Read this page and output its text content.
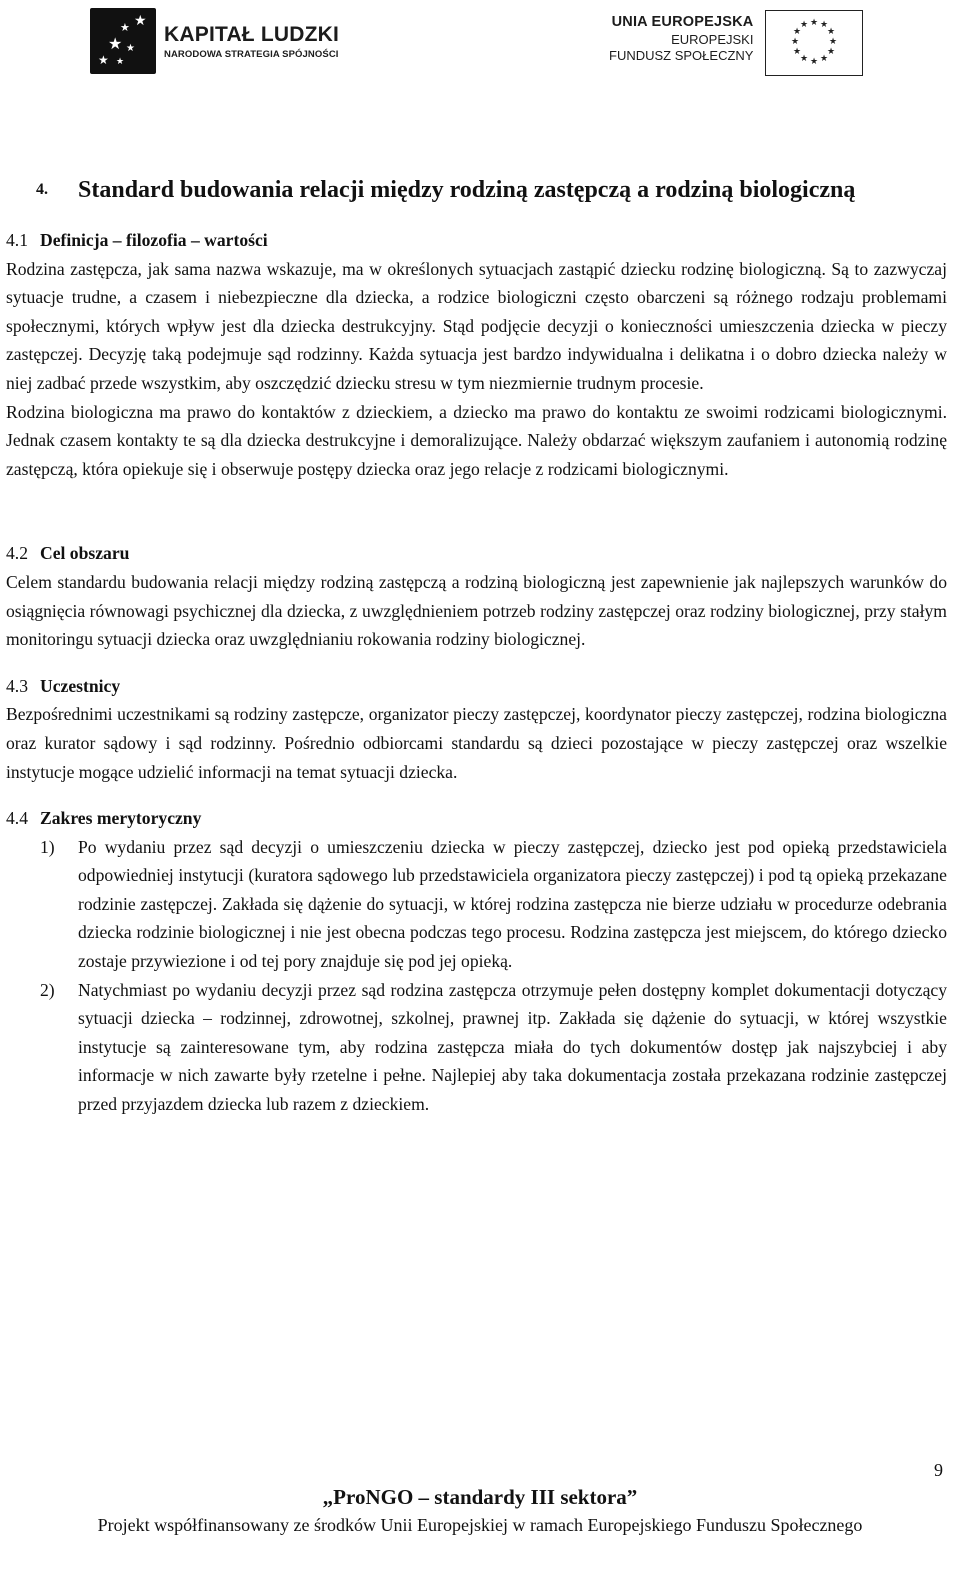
★
★
★ ★
★ ★
KAPITAŁ LUDZKI
NARODOWA STRATEGIA SPÓJNOŚCI
UNIA EUROPEJSKA
EUROPEJSKI
FUNDUSZ SPOŁECZNY
★ ★
★
★
★
★
★
★
★
★
★
★
4. Standard budowania relacji między rodziną zastępczą a rodziną biologiczną
4.1 Definicja – filozofia – wartości

Rodzina zastępcza, jak sama nazwa wskazuje, ma w określonych sytuacjach zastąpić dziecku rodzinę biologiczną. Są to zazwyczaj sytuacje trudne, a czasem i niebezpieczne dla dziecka, a rodzice biologiczni często obarczeni są różnego rodzaju problemami społecznymi, których wpływ jest dla dziecka destrukcyjny. Stąd podjęcie decyzji o konieczności umieszczenia dziecka w pieczy zastępczej. Decyzję taką podejmuje sąd rodzinny. Każda sytuacja jest bardzo indywidualna i delikatna i o dobro dziecka należy w niej zadbać przede wszystkim, aby oszczędzić dziecku stresu w tym niezmiernie trudnym procesie.

Rodzina biologiczna ma prawo do kontaktów z dzieckiem, a dziecko ma prawo do kontaktu ze swoimi rodzicami biologicznymi. Jednak czasem kontakty te są dla dziecka destrukcyjne i demoralizujące. Należy obdarzać większym zaufaniem i autonomią rodzinę zastępczą, która opiekuje się i obserwuje postępy dziecka oraz jego relacje z rodzicami biologicznymi.

4.2 Cel obszaru

Celem standardu budowania relacji między rodziną zastępczą a rodziną biologiczną jest zapewnienie jak najlepszych warunków do osiągnięcia równowagi psychicznej dla dziecka, z uwzględnieniem potrzeb rodziny zastępczej oraz rodziny biologicznej, przy stałym monitoringu sytuacji dziecka oraz uwzględnianiu rokowania rodziny biologicznej.

4.3 Uczestnicy

Bezpośrednimi uczestnikami są rodziny zastępcze, organizator pieczy zastępczej, koordynator pieczy zastępczej, rodzina biologiczna oraz kurator sądowy i sąd rodzinny. Pośrednio odbiorcami standardu są dzieci pozostające w pieczy zastępczej oraz wszelkie instytucje mogące udzielić informacji na temat sytuacji dziecka.

4.4 Zakres merytoryczny
1) Po wydaniu przez sąd decyzji o umieszczeniu dziecka w pieczy zastępczej, dziecko jest pod opieką przedstawiciela odpowiedniej instytucji (kuratora sądowego lub przedstawiciela organizatora pieczy zastępczej) i pod tą opieką przekazane rodzinie zastępczej. Zakłada się dążenie do sytuacji, w której rodzina zastępcza nie bierze udziału w procedurze odebrania dziecka rodzinie biologicznej i nie jest obecna podczas tego procesu. Rodzina zastępcza jest miejscem, do którego dziecko zostaje przywiezione i od tej pory znajduje się pod jej opieką.
2) Natychmiast po wydaniu decyzji przez sąd rodzina zastępcza otrzymuje pełen dostępny komplet dokumentacji dotyczący sytuacji dziecka – rodzinnej, zdrowotnej, szkolnej, prawnej itp. Zakłada się dążenie do sytuacji, w której wszystkie instytucje są zainteresowane tym, aby rodzina zastępcza miała do tych dokumentów dostęp jak najszybciej i aby informacje w nich zawarte były rzetelne i pełne. Najlepiej aby taka dokumentacja została przekazana rodzinie zastępczej przed przyjazdem dziecka lub razem z dzieckiem.
9
„ProNGO – standardy III sektora”
Projekt współfinansowany ze środków Unii Europejskiej w ramach Europejskiego Funduszu Społecznego
